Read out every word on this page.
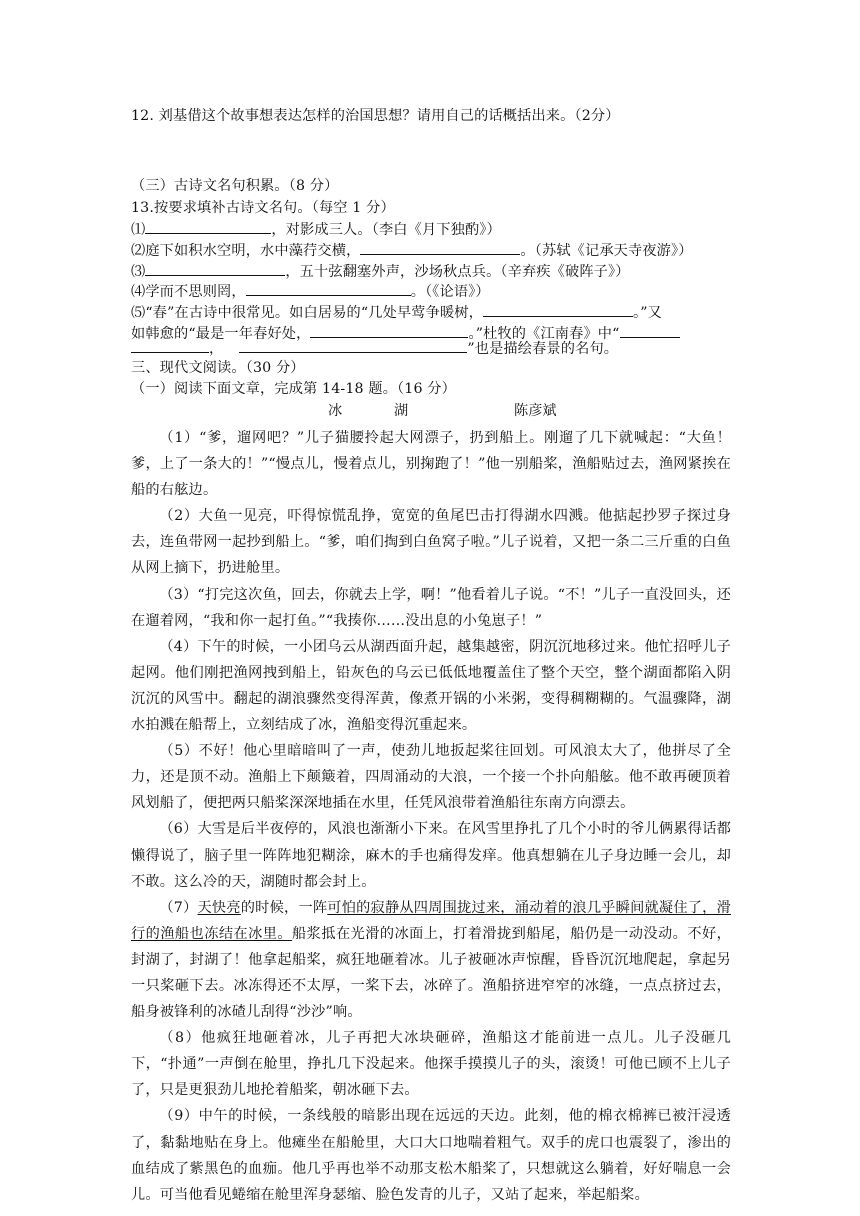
12. 刘基借这个故事想表达怎样的治国思想？请用自己的话概括出来。（2分）
（三）古诗文名句积累。（8 分）
13.按要求填补古诗文名句。（每空 1 分）
⑴	，对影成三人。（李白《月下独酌》）
⑵庭下如积水空明，水中藻荇交横，	。（苏轼《记承天寺夜游》）
⑶	，五十弦翻塞外声，沙场秋点兵。（辛弃疾《破阵子》）
⑷学而不思则罔，	。（《论语》）
⑸“春”在古诗中很常见。如白居易的“几处早莺争暖树，	。”又
如韩愈的“最是一年春好处，	。”杜牧的《江南春》中“
，	”也是描绘春景的名句。
三、现代文阅读。（30 分）
（一）阅读下面文章，完成第 14-18 题。（16 分）
冰	湖	陈彦斌

（1）“爹，遛网吧？”儿子猫腰拎起大网漂子，扔到船上。刚遛了几下就喊起：“大鱼！爹，上了一条大的！”“慢点儿，慢着点儿，别掬跑了！”他一别船桨，渔船贴过去，渔网紧挨在船的右舷边。

（2）大鱼一见亮，吓得惊慌乱挣，宽宽的鱼尾巴击打得湖水四溅。他掂起抄罗子探过身去，连鱼带网一起抄到船上。“爹，咱们掏到白鱼窝子啦。”儿子说着，又把一条二三斤重的白鱼从网上摘下，扔进舱里。

（3）“打完这次鱼，回去，你就去上学，啊！”他看着儿子说。“不！”儿子一直没回头，还在遛着网，“我和你一起打鱼。”“我揍你……没出息的小兔崽子！”

（4）下午的时候，一小团乌云从湖西面升起，越集越密，阴沉沉地移过来。他忙招呼儿子起网。他们刚把渔网拽到船上，铅灰色的乌云已低低地覆盖住了整个天空，整个湖面都陷入阴沉沉的风雪中。翻起的湖浪骤然变得浑黄，像煮开锅的小米粥，变得稠糊糊的。气温骤降，湖水拍溅在船帮上，立刻结成了冰，渔船变得沉重起来。

（5）不好！他心里暗暗叫了一声，使劲儿地扳起桨往回划。可风浪太大了，他拼尽了全力，还是顶不动。渔船上下颠簸着，四周涌动的大浪，一个接一个扑向船舷。他不敢再硬顶着风划船了，便把两只船桨深深地插在水里，任凭风浪带着渔船往东南方向漂去。

（6）大雪是后半夜停的，风浪也渐渐小下来。在风雪里挣扎了几个小时的爷儿俩累得话都懒得说了，脑子里一阵阵地犯糊涂，麻木的手也痛得发痒。他真想躺在儿子身边睡一会儿，却不敢。这么冷的天，湖随时都会封上。

（7）天快亮的时候，一阵可怕的寂静从四周围拢过来，涌动着的浪几乎瞬间就凝住了，滑行的渔船也冻结在冰里。船浆抵在光滑的冰面上，打着滑拢到船尾，船仍是一动没动。不好，封湖了，封湖了！他拿起船桨，疯狂地砸着冰。儿子被砸冰声惊醒，昏昏沉沉地爬起，拿起另一只桨砸下去。冰冻得还不太厚，一桨下去，冰碎了。渔船挤进窄窄的冰缝，一点点挤过去，船身被锋利的冰碴儿刮得“沙沙”响。

（8）他疯狂地砸着冰，儿子再把大冰块砸碎，渔船这才能前进一点儿。儿子没砸几下，“扑通”一声倒在舱里，挣扎几下没起来。他探手摸摸儿子的头，滚烫！可他已顾不上儿子了，只是更狠劲儿地抡着船桨，朝冰砸下去。

（9）中午的时候，一条线般的暗影出现在远远的天边。此刻，他的棉衣棉裤已被汗浸透了，黏黏地贴在身上。他瘫坐在船舱里，大口大口地喘着粗气。双手的虎口也震裂了，渗出的血结成了紫黑色的血痂。他几乎再也举不动那支松木船桨了，只想就这么躺着，好好喘息一会儿。可当他看见蜷缩在舱里浑身瑟缩、脸色发青的儿子，又站了起来，举起船桨。
